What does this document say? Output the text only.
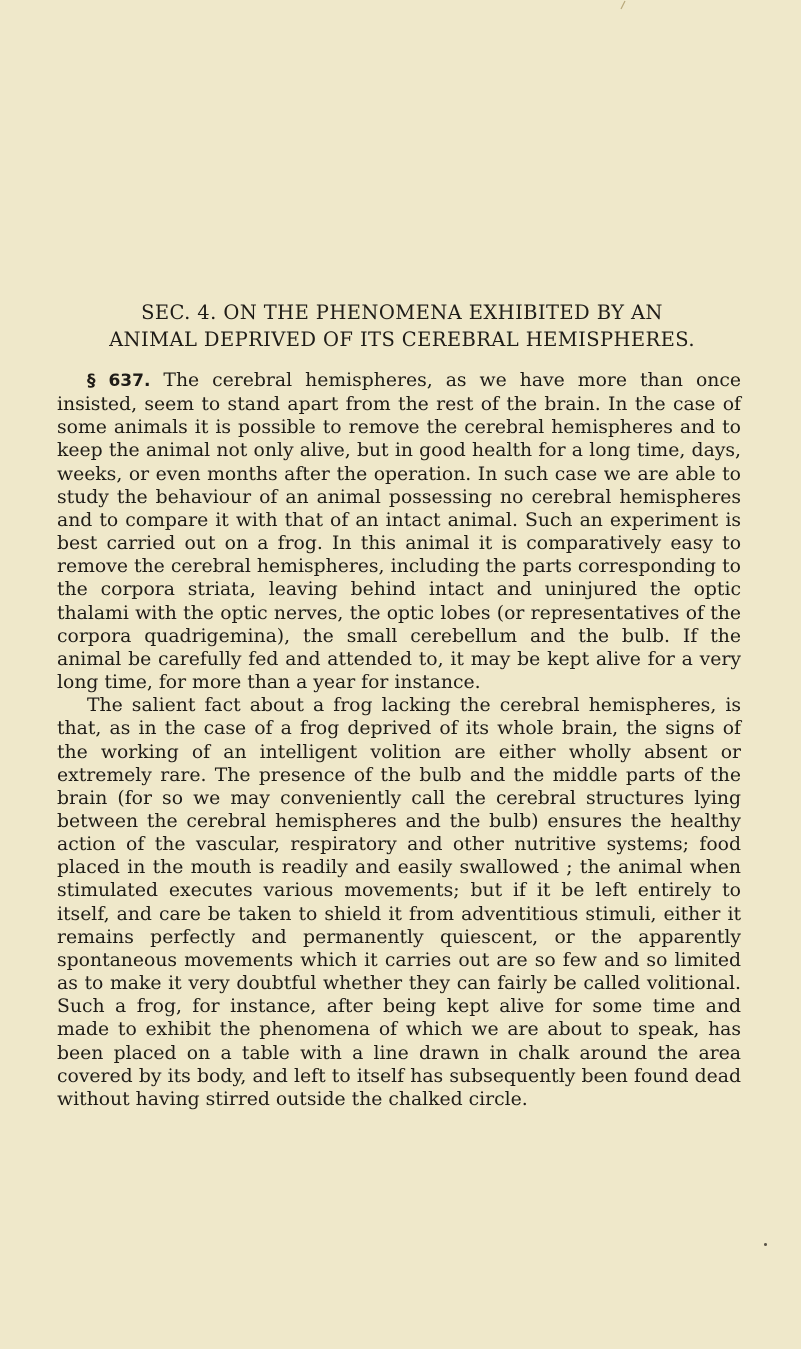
SEC. 4. ON THE PHENOMENA EXHIBITED BY AN
ANIMAL DEPRIVED OF ITS CEREBRAL HEMISPHERES.

§ 637. The cerebral hemispheres, as we have more than once insisted, seem to stand apart from the rest of the brain. In the case of some animals it is possible to remove the cerebral hemispheres and to keep the animal not only alive, but in good health for a long time, days, weeks, or even months after the operation. In such case we are able to study the behaviour of an animal possessing no cerebral hemispheres and to compare it with that of an intact animal. Such an experiment is best carried out on a frog. In this animal it is comparatively easy to remove the cerebral hemispheres, including the parts corresponding to the corpora striata, leaving behind intact and uninjured the optic thalami with the optic nerves, the optic lobes (or representatives of the corpora quadrigemina), the small cerebellum and the bulb. If the animal be carefully fed and attended to, it may be kept alive for a very long time, for more than a year for instance.

The salient fact about a frog lacking the cerebral hemispheres, is that, as in the case of a frog deprived of its whole brain, the signs of the working of an intelligent volition are either wholly absent or extremely rare. The presence of the bulb and the middle parts of the brain (for so we may conveniently call the cerebral structures lying between the cerebral hemispheres and the bulb) ensures the healthy action of the vascular, respiratory and other nutritive systems; food placed in the mouth is readily and easily swallowed ; the animal when stimulated executes various movements; but if it be left entirely to itself, and care be taken to shield it from adventitious stimuli, either it remains perfectly and permanently quiescent, or the apparently spontaneous movements which it carries out are so few and so limited as to make it very doubtful whether they can fairly be called volitional. Such a frog, for instance, after being kept alive for some time and made to exhibit the phenomena of which we are about to speak, has been placed on a table with a line drawn in chalk around the area covered by its body, and left to itself has subsequently been found dead without having stirred outside the chalked circle.
